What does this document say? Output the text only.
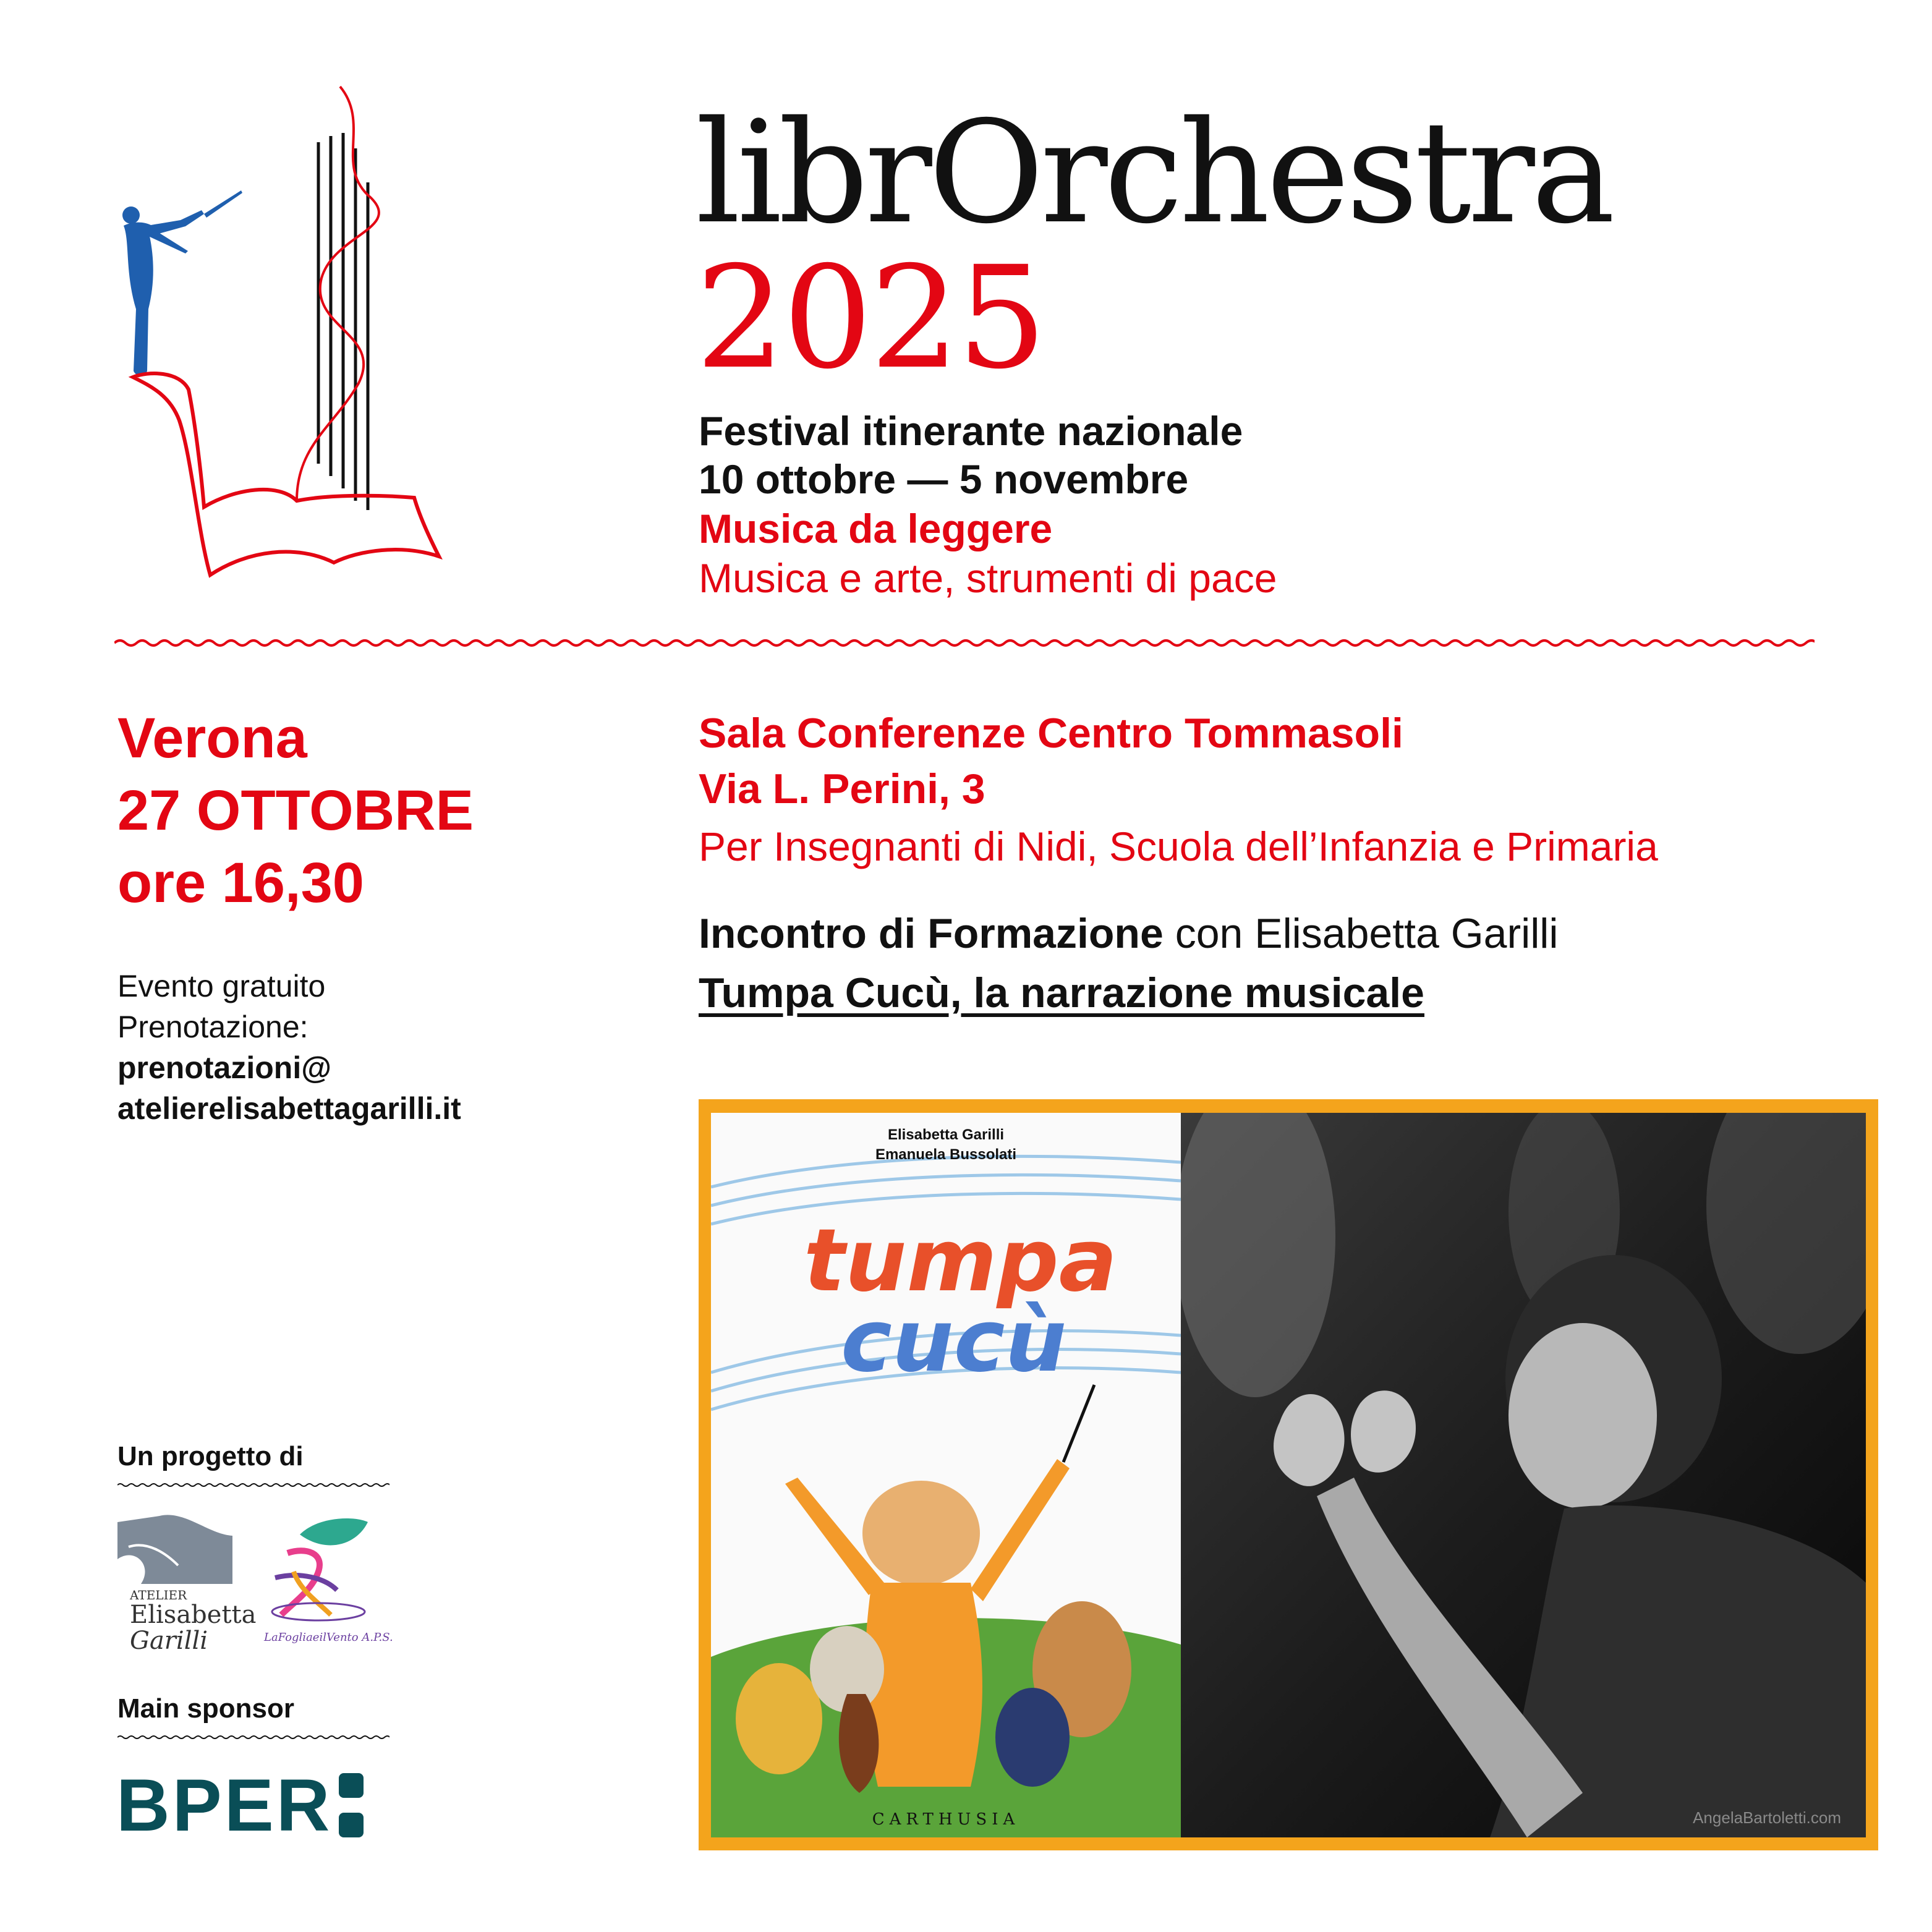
librOrchestra
2025
Festival itinerante nazionale
10 ottobre — 5 novembre
Musica da leggere
Musica e arte, strumenti di pace
Verona
27 OTTOBRE
ore 16,30
Evento gratuito
Prenotazione:
prenotazioni@
atelierelisabettagarilli.it
Sala Conferenze Centro Tommasoli
Via L. Perini, 3
Per Insegnanti di Nidi, Scuola dell’Infanzia e Primaria
Incontro di Formazione con Elisabetta Garilli
Tumpa Cucù, la narrazione musicale
Elisabetta Garilli
Emanuela Bussolati
tumpa
cucù
CARTHUSIA	AngelaBartoletti.com
Un progetto di
ATELIER
Elisabetta
Garilli	LaFogliaeilVento A.P.S.
Main sponsor
BPER
